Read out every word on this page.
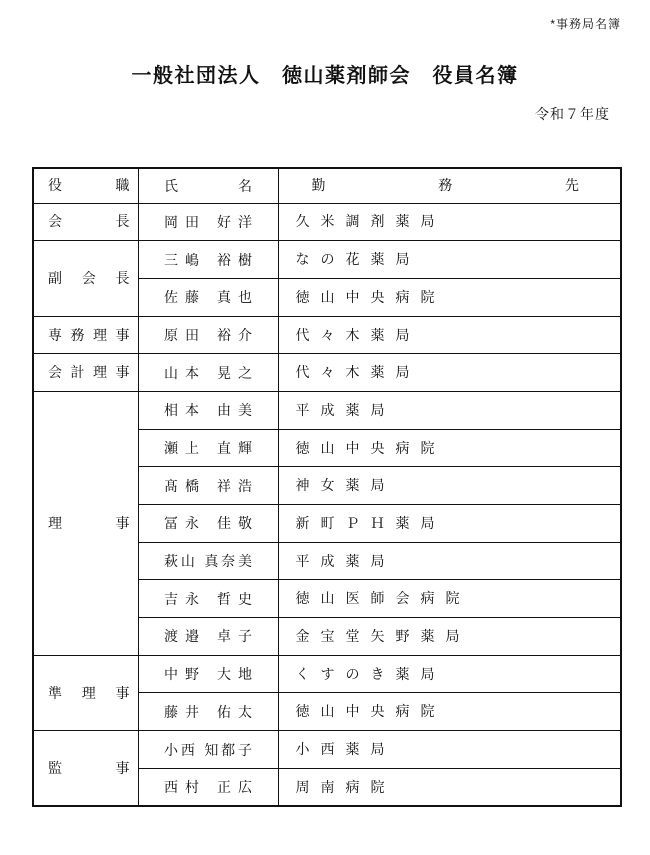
*事務局名簿
一般社団法人　徳山薬剤師会　役員名簿
令和７年度
役職	氏名	勤務先
会長	岡田 好洋	久米調剤薬局
副会長	三嶋 裕樹	なの花薬局
	佐藤 真也	徳山中央病院
専務理事	原田 裕介	代々木薬局
会計理事	山本 晃之	代々木薬局
理事	相本 由美	平成薬局
	瀬上 直輝	徳山中央病院
	髙橋 祥浩	神女薬局
	冨永 佳敬	新町ＰＨ薬局
	萩山 真奈美	平成薬局
	吉永 哲史	徳山医師会病院
	渡邉 卓子	金宝堂矢野薬局
準理事	中野 大地	くすのき薬局
	藤井 佑太	徳山中央病院
監事	小西 知都子	小西薬局
	西村 正広	周南病院
